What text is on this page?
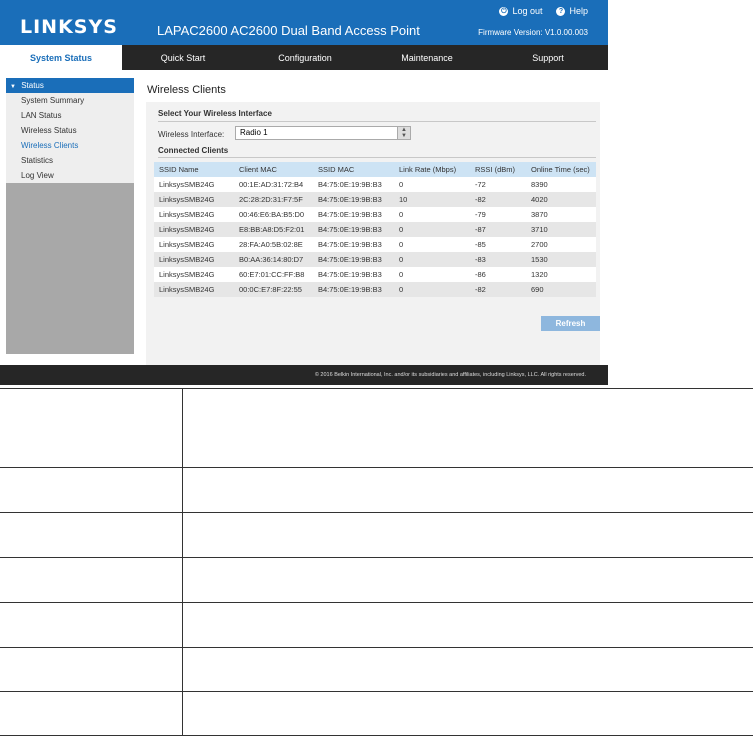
LINKSYS	LAPAC2600 AC2600 Dual Band Access Point
⏻ Log out	? Help
Firmware Version: V1.0.00.003
System Status	Quick Start	Configuration	Maintenance	Support
▼ Status
System Summary
LAN Status
Wireless Status
Wireless Clients
Statistics
Log View
Wireless Clients
Select Your Wireless Interface
Wireless Interface:	Radio 1	▲
▼
Connected Clients
SSID Name	Client MAC	SSID MAC	Link Rate (Mbps)	RSSI (dBm)	Online Time (sec)
LinksysSMB24G	00:1E:AD:31:72:B4	B4:75:0E:19:9B:B3	0	-72	8390
LinksysSMB24G	2C:28:2D:31:F7:5F	B4:75:0E:19:9B:B3	10	-82	4020
LinksysSMB24G	00:46:E6:BA:B5:D0	B4:75:0E:19:9B:B3	0	-79	3870
LinksysSMB24G	E8:BB:A8:D5:F2:01	B4:75:0E:19:9B:B3	0	-87	3710
LinksysSMB24G	28:FA:A0:5B:02:8E	B4:75:0E:19:9B:B3	0	-85	2700
LinksysSMB24G	B0:AA:36:14:80:D7	B4:75:0E:19:9B:B3	0	-83	1530
LinksysSMB24G	60:E7:01:CC:FF:B8	B4:75:0E:19:9B:B3	0	-86	1320
LinksysSMB24G	00:0C:E7:8F:22:55	B4:75:0E:19:9B:B3	0	-82	690
Refresh
© 2016 Belkin International, Inc. and/or its subsidiaries and affiliates, including Linksys, LLC. All rights reserved.
